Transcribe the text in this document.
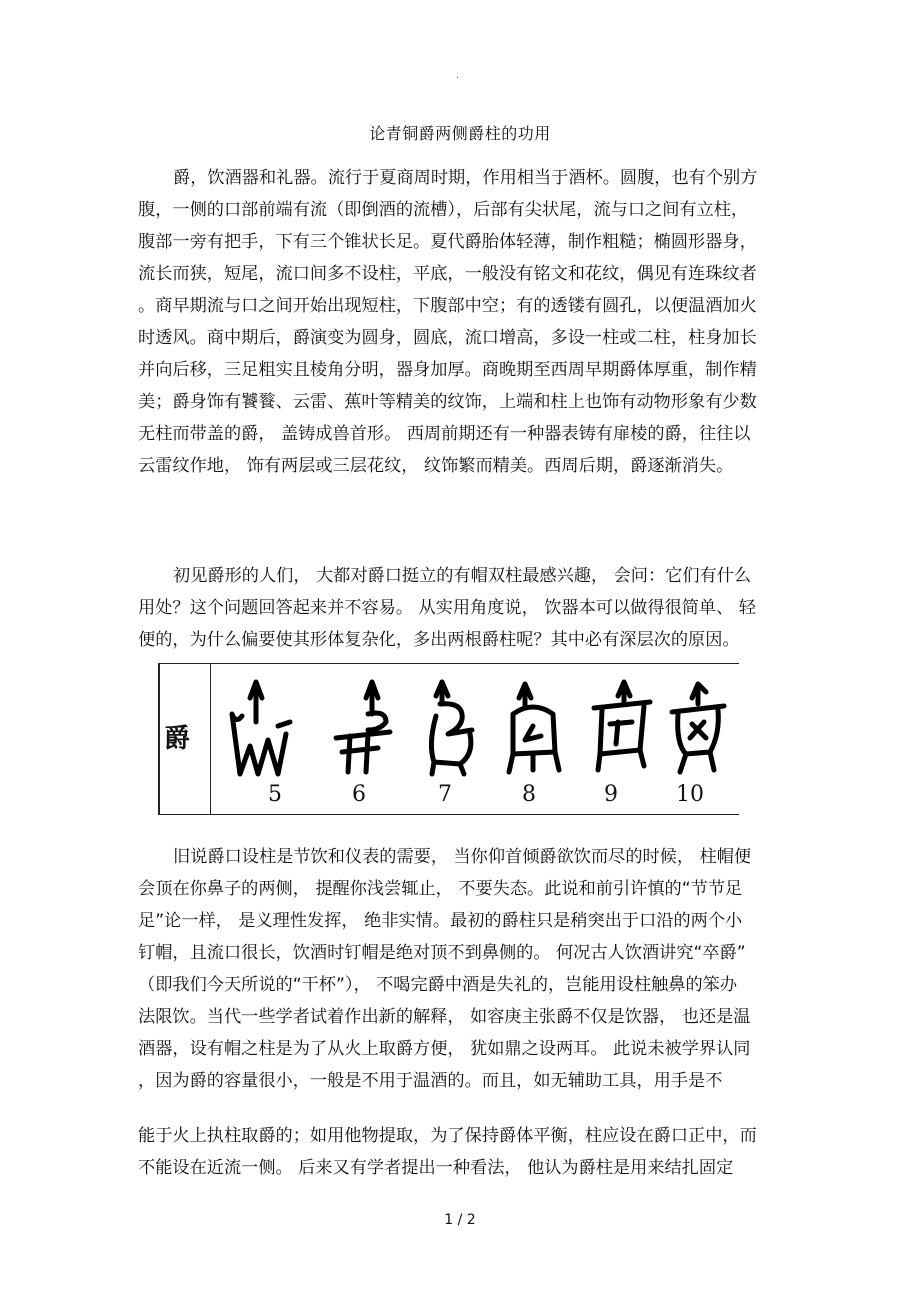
.
论青铜爵两侧爵柱的功用
爵，饮酒器和礼器。流行于夏商周时期，作用相当于酒杯。圆腹，也有个别方
腹，一侧的口部前端有流（即倒酒的流槽），后部有尖状尾，流与口之间有立柱，
腹部一旁有把手，下有三个锥状长足。夏代爵胎体轻薄，制作粗糙；椭圆形器身，
流长而狭，短尾，流口间多不设柱，平底，一般没有铭文和花纹，偶见有连珠纹者
。商早期流与口之间开始出现短柱，下腹部中空；有的透镂有圆孔，以便温酒加火
时透风。商中期后，爵演变为圆身，圆底，流口增高，多设一柱或二柱，柱身加长
并向后移，三足粗实且棱角分明，器身加厚。商晚期至西周早期爵体厚重，制作精
美；爵身饰有饕餮、云雷、蕉叶等精美的纹饰，上端和柱上也饰有动物形象有少数
无柱而带盖的爵， 盖铸成兽首形。 西周前期还有一种器表铸有扉棱的爵，往往以
云雷纹作地， 饰有两层或三层花纹， 纹饰繁而精美。西周后期，爵逐渐消失。
初见爵形的人们， 大都对爵口挺立的有帽双柱最感兴趣， 会问：它们有什么
用处？这个问题回答起来并不容易。 从实用角度说， 饮器本可以做得很简单、 轻
便的，为什么偏要使其形体复杂化，多出两根爵柱呢？其中必有深层次的原因。
爵
5	6	7	8	9	10
旧说爵口设柱是节饮和仪表的需要， 当你仰首倾爵欲饮而尽的时候， 柱帽便
会顶在你鼻子的两侧， 提醒你浅尝辄止， 不要失态。此说和前引许慎的“节节足
足”论一样， 是义理性发挥， 绝非实情。最初的爵柱只是稍突出于口沿的两个小
钉帽，且流口很长，饮酒时钉帽是绝对顶不到鼻侧的。 何况古人饮酒讲究“卒爵”
（即我们今天所说的“干杯”）， 不喝完爵中酒是失礼的，岂能用设柱触鼻的笨办
法限饮。当代一些学者试着作出新的解释， 如容庚主张爵不仅是饮器， 也还是温
酒器，设有帽之柱是为了从火上取爵方便， 犹如鼎之设两耳。 此说未被学界认同
，因为爵的容量很小，一般是不用于温酒的。而且，如无辅助工具，用手是不
能于火上执柱取爵的；如用他物提取，为了保持爵体平衡，柱应设在爵口正中，而
不能设在近流一侧。 后来又有学者提出一种看法， 他认为爵柱是用来结扎固定
1 / 2
